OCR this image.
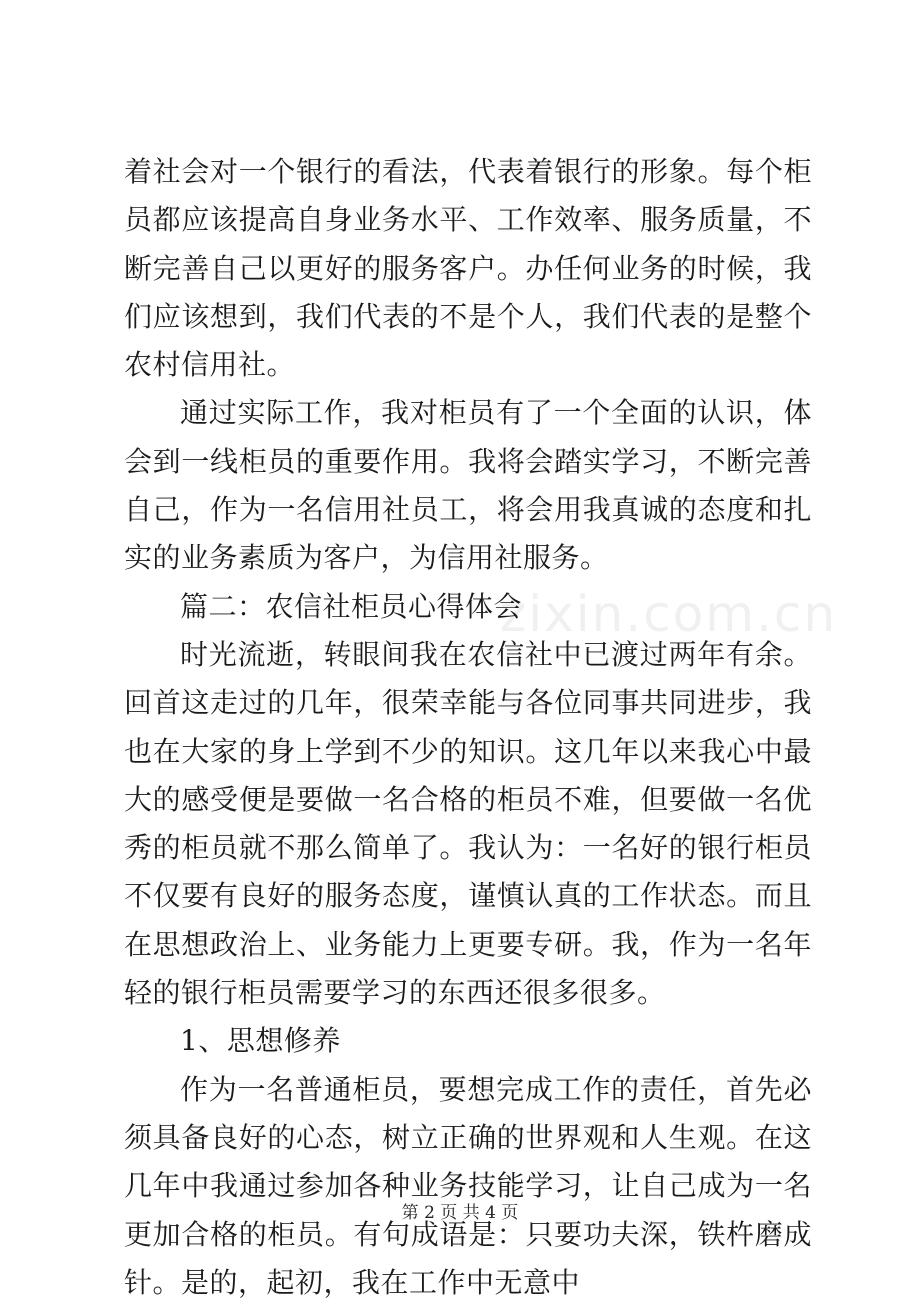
着社会对一个银行的看法，代表着银行的形象。每个柜员都应该提高自身业务水平、工作效率、服务质量，不断完善自己以更好的服务客户。办任何业务的时候，我们应该想到，我们代表的不是个人，我们代表的是整个农村信用社。

通过实际工作，我对柜员有了一个全面的认识，体会到一线柜员的重要作用。我将会踏实学习，不断完善自己，作为一名信用社员工，将会用我真诚的态度和扎实的业务素质为客户，为信用社服务。

篇二：农信社柜员心得体会

时光流逝，转眼间我在农信社中已渡过两年有余。回首这走过的几年，很荣幸能与各位同事共同进步，我也在大家的身上学到不少的知识。这几年以来我心中最大的感受便是要做一名合格的柜员不难，但要做一名优秀的柜员就不那么简单了。我认为：一名好的银行柜员不仅要有良好的服务态度，谨慎认真的工作状态。而且在思想政治上、业务能力上更要专研。我，作为一名年轻的银行柜员需要学习的东西还很多很多。

1、思想修养

作为一名普通柜员，要想完成工作的责任，首先必须具备良好的心态，树立正确的世界观和人生观。在这几年中我通过参加各种业务技能学习，让自己成为一名更加合格的柜员。有句成语是：只要功夫深，铁杵磨成针。是的，起初，我在工作中无意中

zixin.com.cn
第 2 页 共 4 页
